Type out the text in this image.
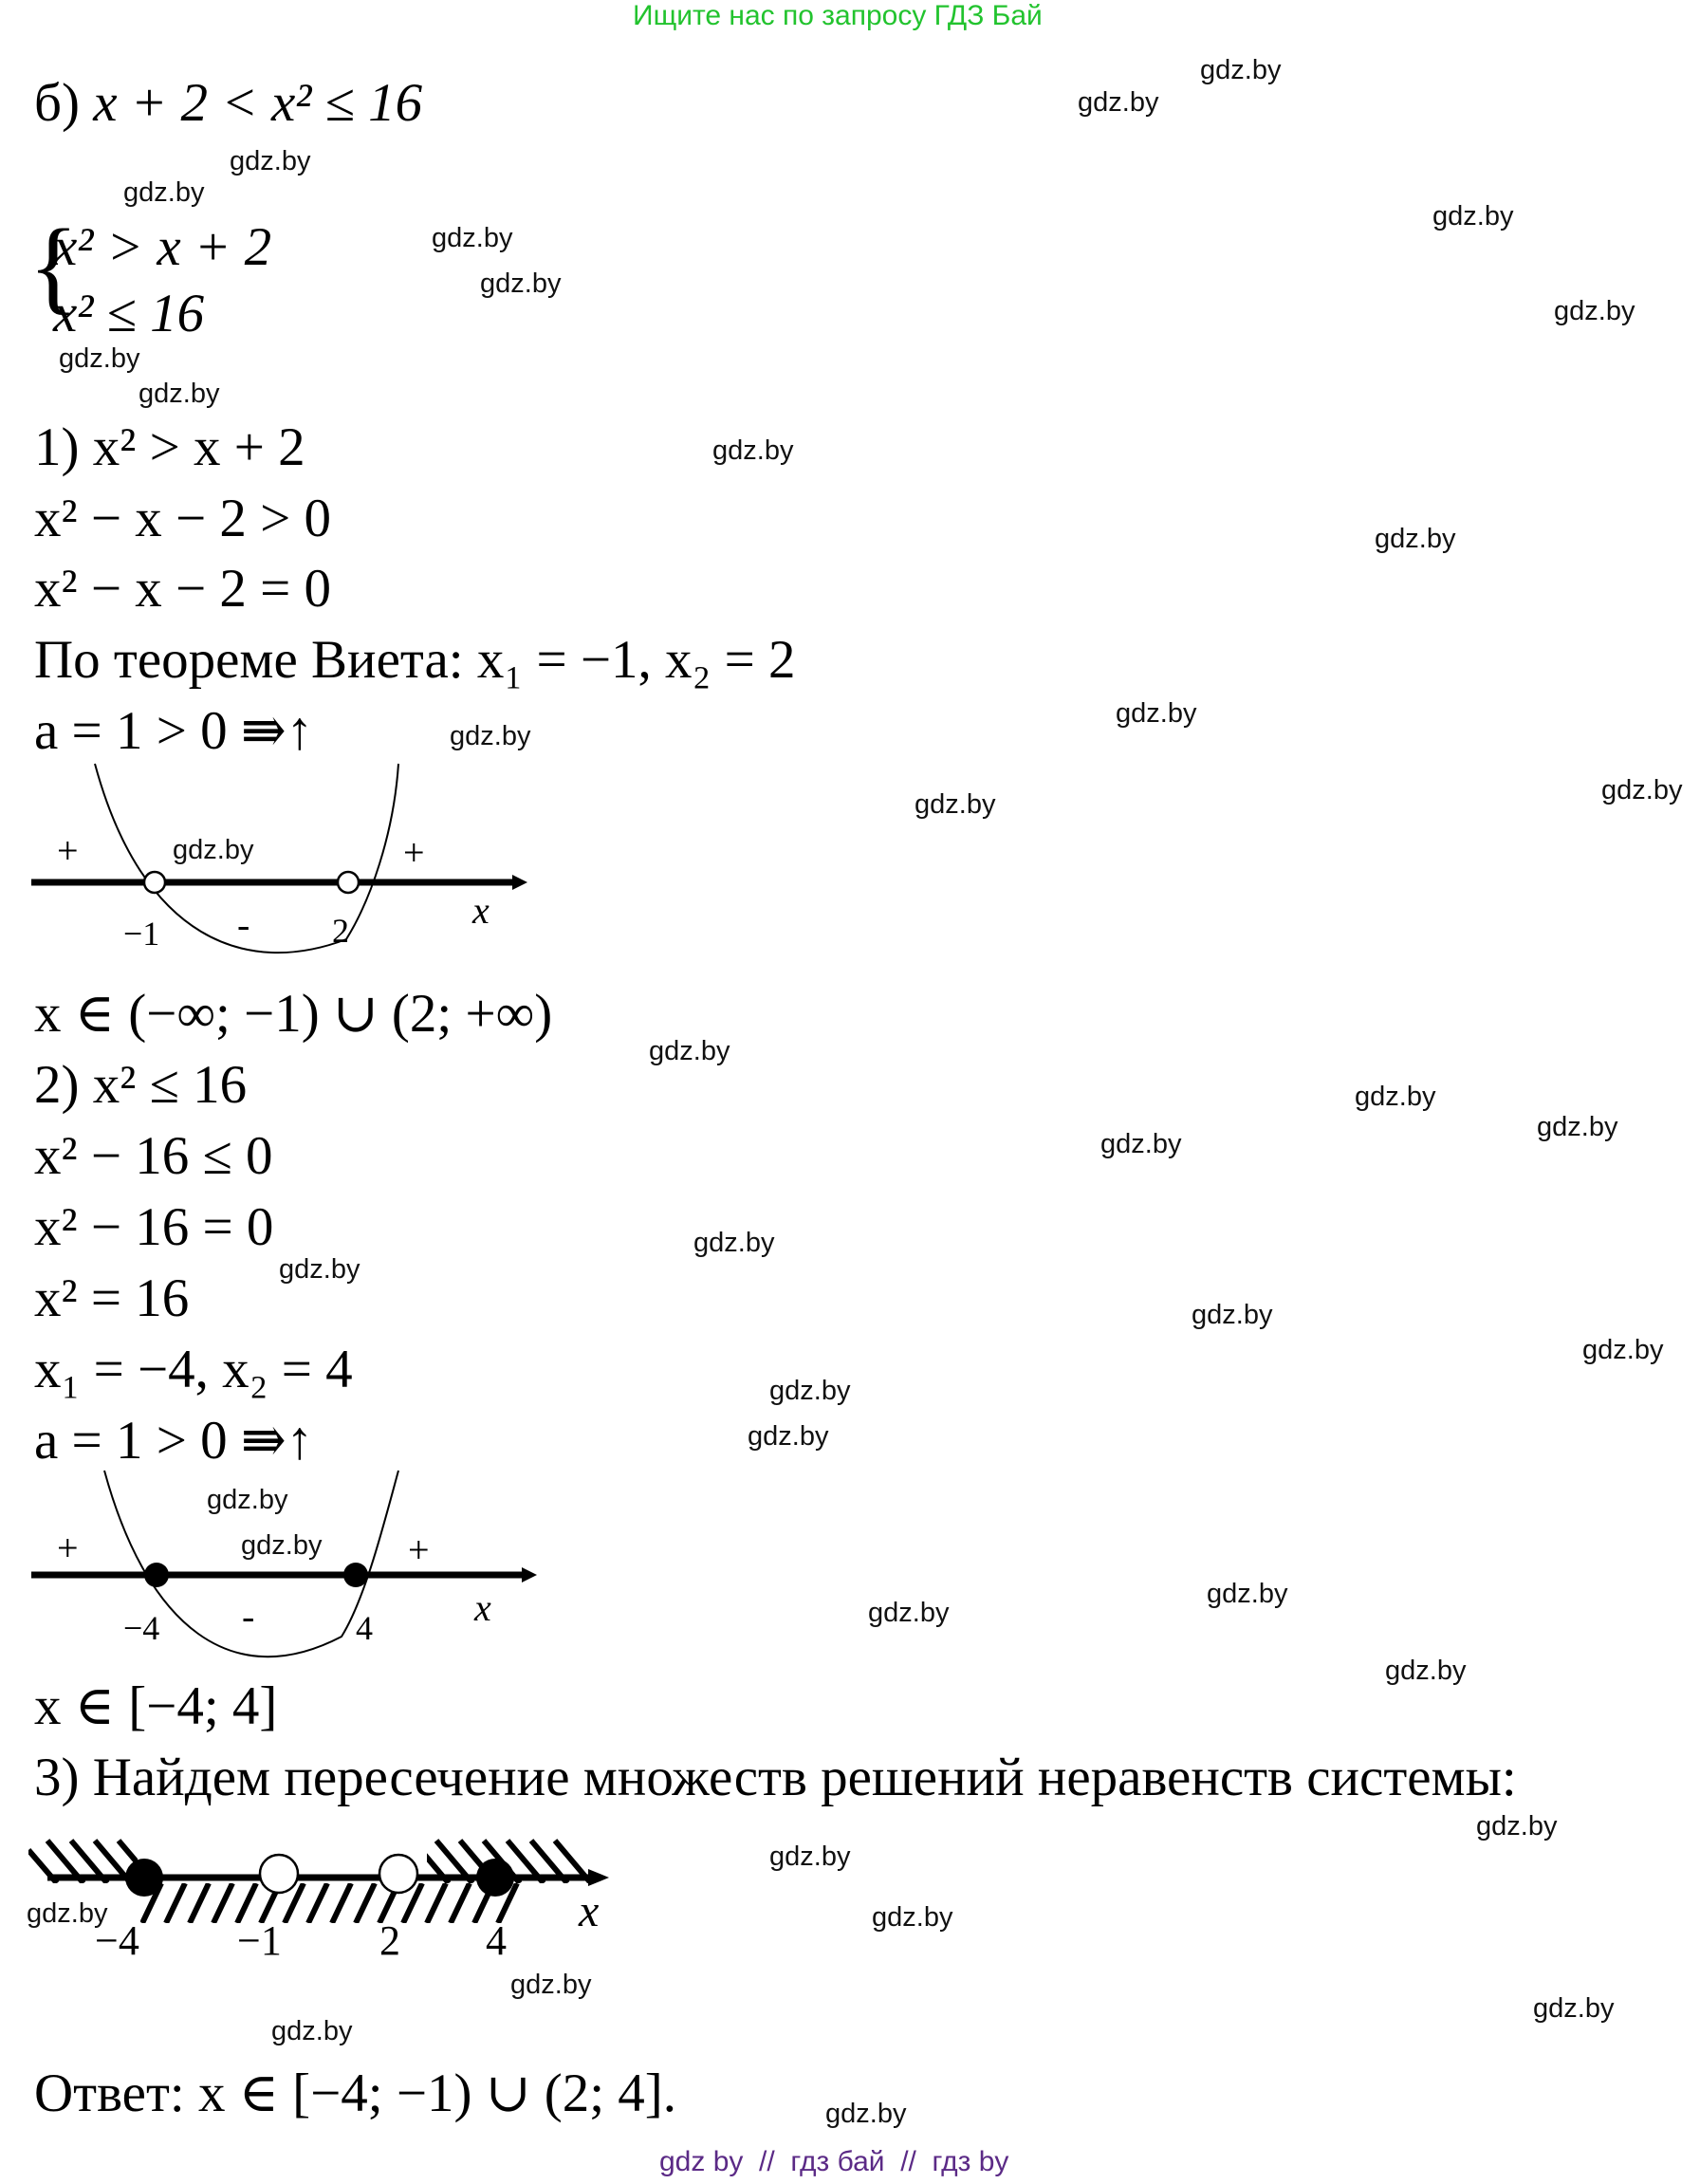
Ищите нас по запросу ГДЗ Бай
б) x + 2 < x² ≤ 16
{
x² > x + 2
x² ≤ 16
1) x² > x + 2
x² − x − 2 > 0
x² − x − 2 = 0
По теореме Виета: x₁ = −1, x₂ = 2
a = 1 > 0 ⇛↑
+	+
-
−1	2	x
x ∈ (−∞; −1) ∪ (2; +∞)
2) x² ≤ 16
x² − 16 ≤ 0
x² − 16 = 0
x² = 16
x₁ = −4, x₂ = 4
a = 1 > 0 ⇛↑
+	+
-
−4	4	x
x ∈ [−4; 4]
3) Найдем пересечение множеств решений неравенств системы:
−4 −1 2 4
x
Ответ: x ∈ [−4; −1) ∪ (2; 4].
gdz.by
gdz.by
gdz.by
gdz.by
gdz.by
gdz.by
gdz.by
gdz.by
gdz.by
gdz.by
gdz.by
gdz.by
gdz.by
gdz.by
gdz.by
gdz.by
gdz.by
gdz.by
gdz.by
gdz.by
gdz.by
gdz.by
gdz.by
gdz.by
gdz.by
gdz.by
gdz.by
gdz.by
gdz.by
gdz.by
gdz.by
gdz.by
gdz.by
gdz.by
gdz.by	gdz.by
gdz.by
gdz.by
gdz.by
gdz.by
gdz by  //  гдз бай  //  гдз by
